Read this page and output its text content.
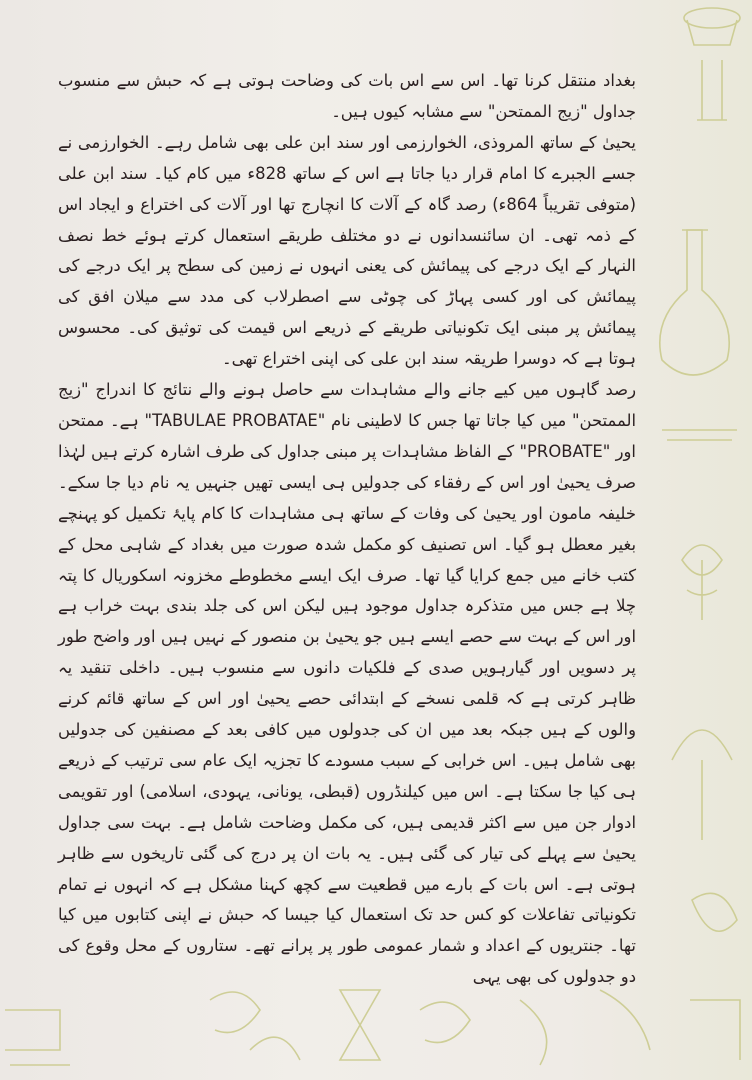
بغداد منتقل کرنا تھا۔ اس سے اس بات کی وضاحت ہوتی ہے کہ حبش سے منسوب جداول "زیج الممتحن" سے مشابہ کیوں ہیں۔

یحییٰ کے ساتھ المروذی، الخوارزمی اور سند ابن علی بھی شامل رہے۔ الخوارزمی نے جسے الجبرے کا امام قرار دیا جاتا ہے اس کے ساتھ 828ء میں کام کیا۔ سند ابن علی (متوفی تقریباً 864ء) رصد گاہ کے آلات کا انچارج تھا اور آلات کی اختراع و ایجاد اس کے ذمہ تھی۔ ان سائنسدانوں نے دو مختلف طریقے استعمال کرتے ہوئے خط نصف النہار کے ایک درجے کی پیمائش کی یعنی انہوں نے زمین کی سطح پر ایک درجے کی پیمائش کی اور کسی پہاڑ کی چوٹی سے اصطرلاب کی مدد سے میلان افق کی پیمائش پر مبنی ایک تکونیاتی طریقے کے ذریعے اس قیمت کی توثیق کی۔ محسوس ہوتا ہے کہ دوسرا طریقہ سند ابن علی کی اپنی اختراع تھی۔

رصد گاہوں میں کیے جانے والے مشاہدات سے حاصل ہونے والے نتائج کا اندراج "زیج الممتحن" میں کیا جاتا تھا جس کا لاطینی نام "TABULAE PROBATAE" ہے۔ ممتحن اور "PROBATE" کے الفاظ مشاہدات پر مبنی جداول کی طرف اشارہ کرتے ہیں لہٰذا صرف یحییٰ اور اس کے رفقاء کی جدولیں ہی ایسی تھیں جنہیں یہ نام دیا جا سکے۔ خلیفہ مامون اور یحییٰ کی وفات کے ساتھ ہی مشاہدات کا کام پایۂ تکمیل کو پہنچے بغیر معطل ہو گیا۔ اس تصنیف کو مکمل شدہ صورت میں بغداد کے شاہی محل کے کتب خانے میں جمع کرایا گیا تھا۔ صرف ایک ایسے مخطوطے مخزونہ اسکوریال کا پتہ چلا ہے جس میں متذکرہ جداول موجود ہیں لیکن اس کی جلد بندی بہت خراب ہے اور اس کے بہت سے حصے ایسے ہیں جو یحییٰ بن منصور کے نہیں ہیں اور واضح طور پر دسویں اور گیارہویں صدی کے فلکیات دانوں سے منسوب ہیں۔ داخلی تنقید یہ ظاہر کرتی ہے کہ قلمی نسخے کے ابتدائی حصے یحییٰ اور اس کے ساتھ قائم کرنے والوں کے ہیں جبکہ بعد میں ان کی جدولوں میں کافی بعد کے مصنفین کی جدولیں بھی شامل ہیں۔ اس خرابی کے سبب مسودے کا تجزیہ ایک عام سی ترتیب کے ذریعے ہی کیا جا سکتا ہے۔ اس میں کیلنڈروں (قبطی، یونانی، یہودی، اسلامی) اور تقویمی ادوار جن میں سے اکثر قدیمی ہیں، کی مکمل وضاحت شامل ہے۔ بہت سی جداول یحییٰ سے پہلے کی تیار کی گئی ہیں۔ یہ بات ان پر درج کی گئی تاریخوں سے ظاہر ہوتی ہے۔ اس بات کے بارے میں قطعیت سے کچھ کہنا مشکل ہے کہ انہوں نے تمام تکونیاتی تفاعلات کو کس حد تک استعمال کیا جیسا کہ حبش نے اپنی کتابوں میں کیا تھا۔ جنتریوں کے اعداد و شمار عمومی طور پر پرانے تھے۔ ستاروں کے محل وقوع کی دو جدولوں کی بھی یہی
